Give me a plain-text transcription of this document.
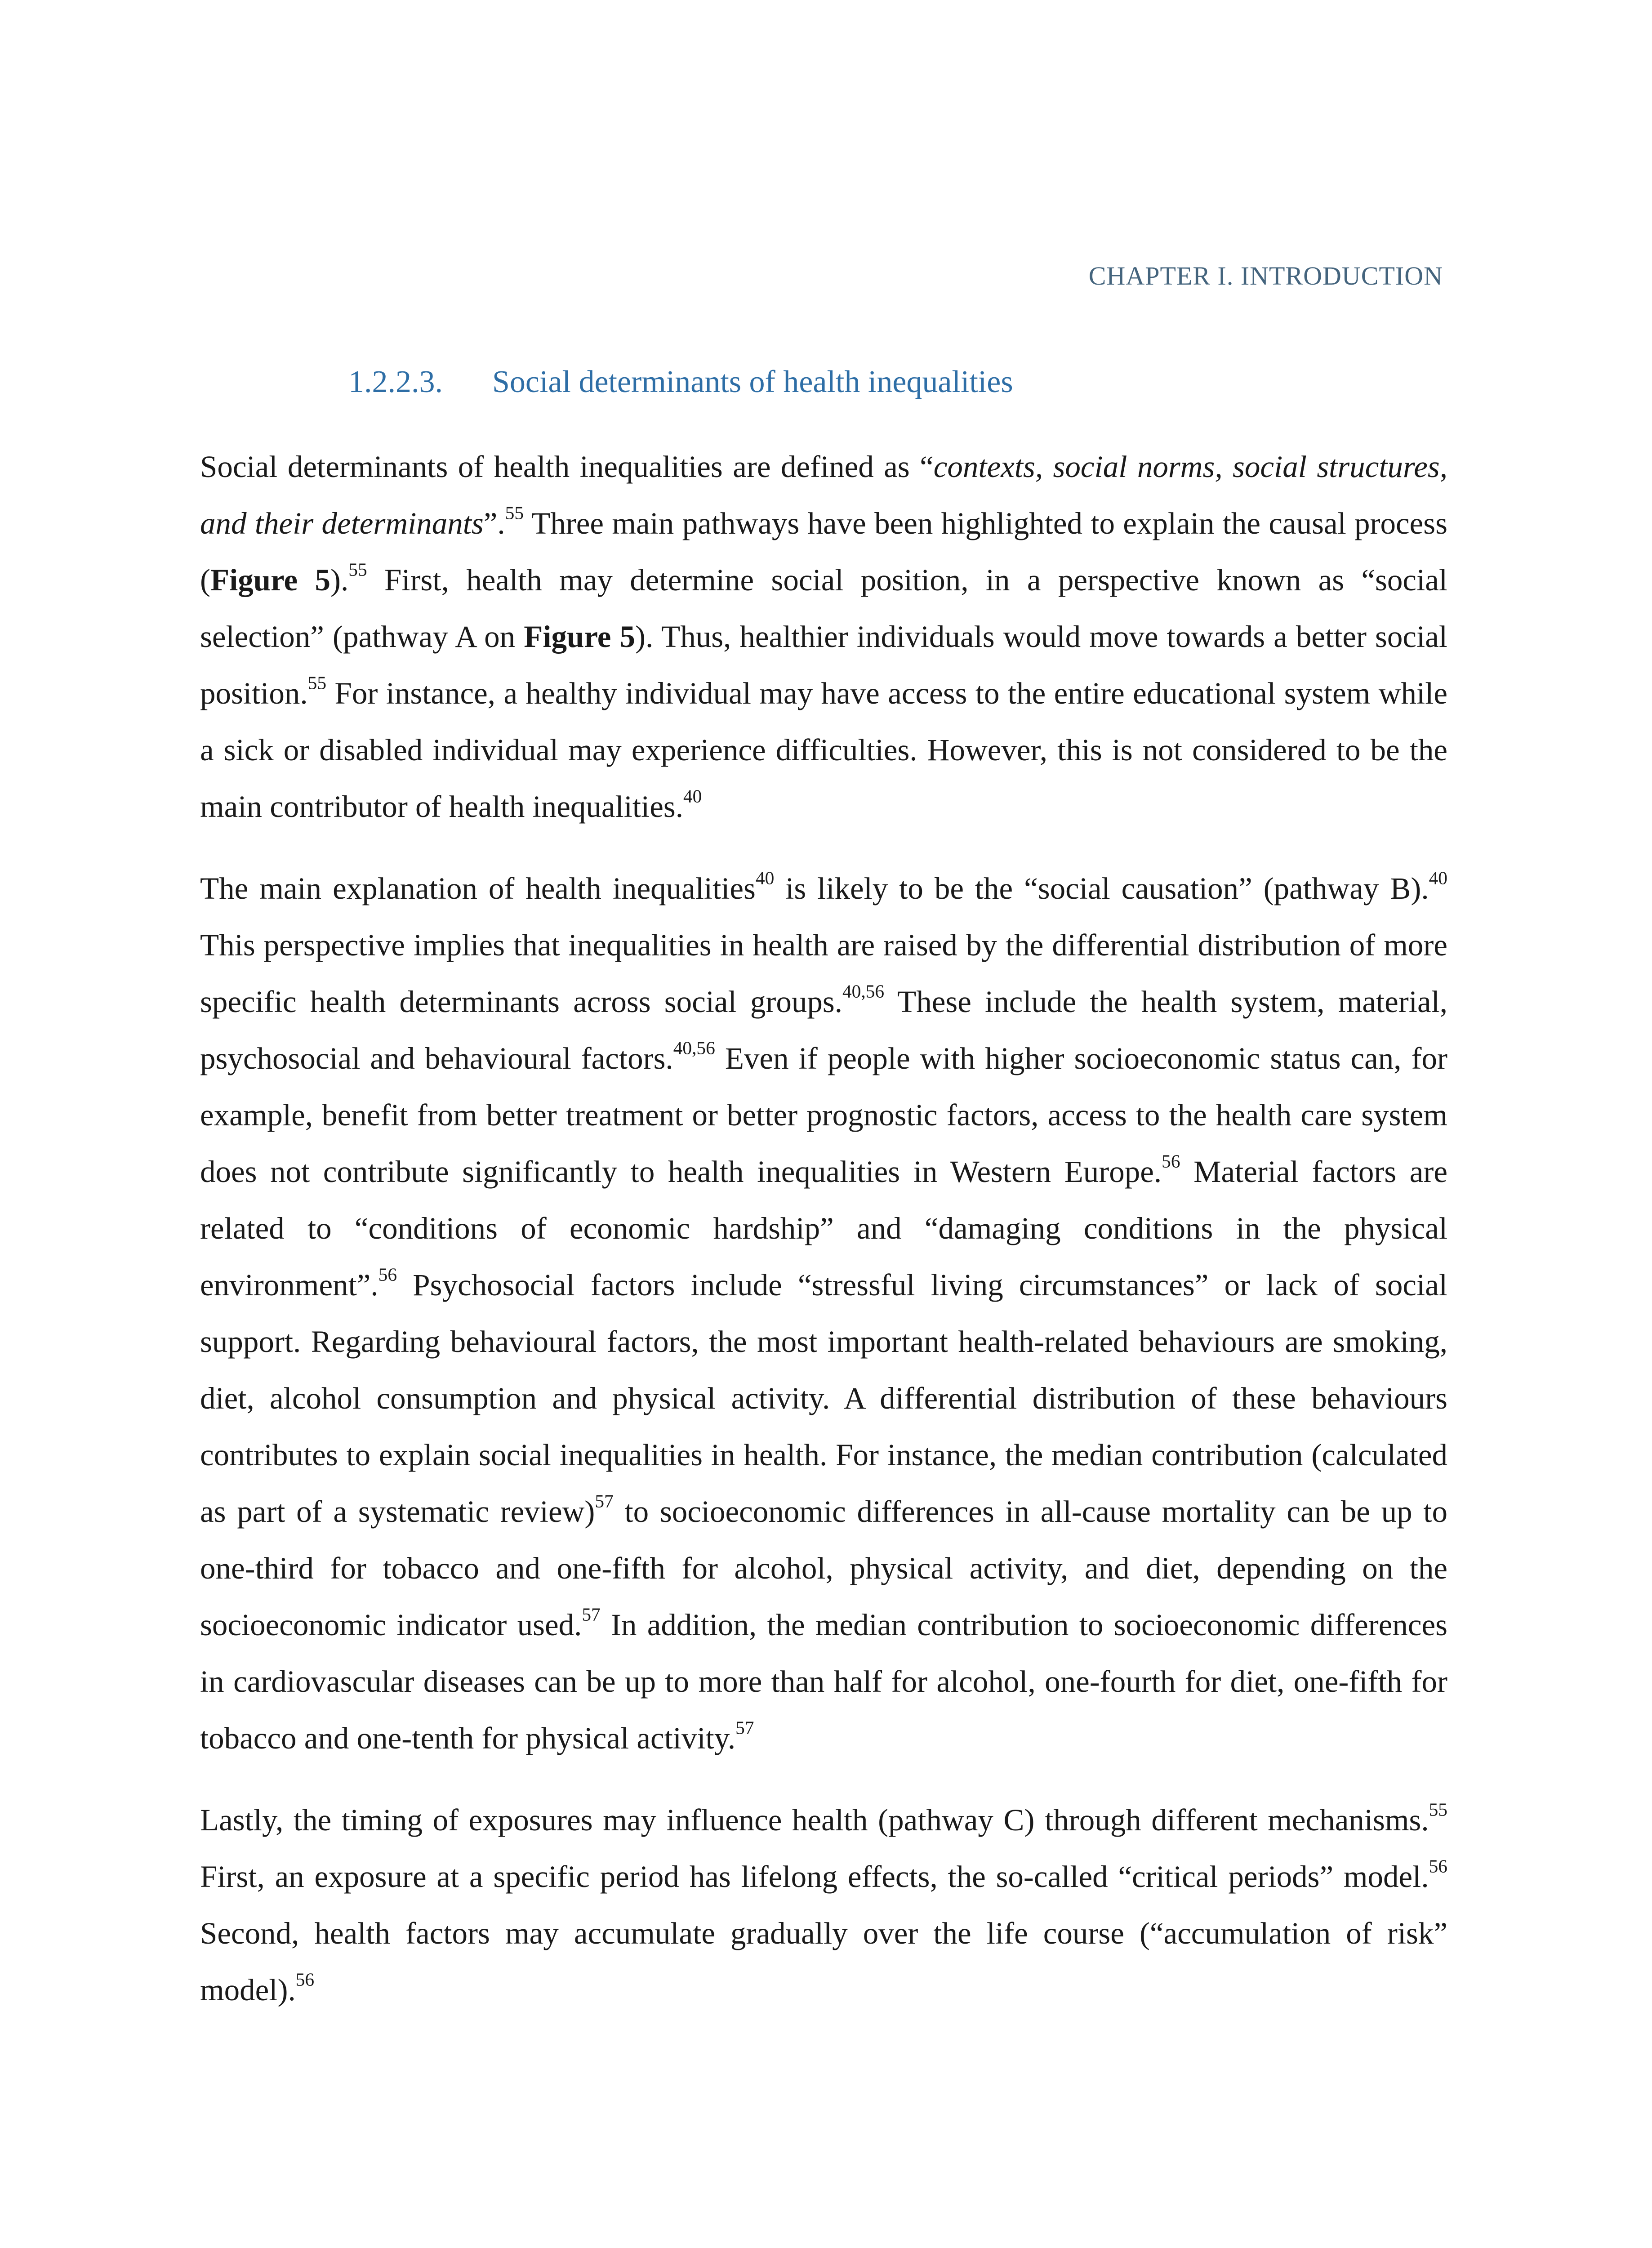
CHAPTER I. INTRODUCTION
1.2.2.3. Social determinants of health inequalities

Social determinants of health inequalities are defined as “contexts, social norms, social structures, and their determinants”.$^{55}$ Three main pathways have been highlighted to explain the causal process (Figure 5).$^{55}$ First, health may determine social position, in a perspective known as “social selection” (pathway A on Figure 5). Thus, healthier individuals would move towards a better social position.$^{55}$ For instance, a healthy individual may have access to the entire educational system while a sick or disabled individual may experience difficulties. However, this is not considered to be the main contributor of health inequalities.$^{40}$

The main explanation of health inequalities$^{40}$ is likely to be the “social causation” (pathway B).$^{40}$ This perspective implies that inequalities in health are raised by the differential distribution of more specific health determinants across social groups.$^{40,56}$ These include the health system, material, psychosocial and behavioural factors.$^{40,56}$ Even if people with higher socioeconomic status can, for example, benefit from better treatment or better prognostic factors, access to the health care system does not contribute significantly to health inequalities in Western Europe.$^{56}$ Material factors are related to “conditions of economic hardship” and “damaging conditions in the physical environment”.$^{56}$ Psychosocial factors include “stressful living circumstances” or lack of social support. Regarding behavioural factors, the most important health-related behaviours are smoking, diet, alcohol consumption and physical activity. A differential distribution of these behaviours contributes to explain social inequalities in health. For instance, the median contribution (calculated as part of a systematic review)$^{57}$ to socioeconomic differences in all-cause mortality can be up to one-third for tobacco and one-fifth for alcohol, physical activity, and diet, depending on the socioeconomic indicator used.$^{57}$ In addition, the median contribution to socioeconomic differences in cardiovascular diseases can be up to more than half for alcohol, one-fourth for diet, one-fifth for tobacco and one-tenth for physical activity.$^{57}$

Lastly, the timing of exposures may influence health (pathway C) through different mechanisms.$^{55}$ First, an exposure at a specific period has lifelong effects, the so-called “critical periods” model.$^{56}$ Second, health factors may accumulate gradually over the life course (“accumulation of risk” model).$^{56}$
